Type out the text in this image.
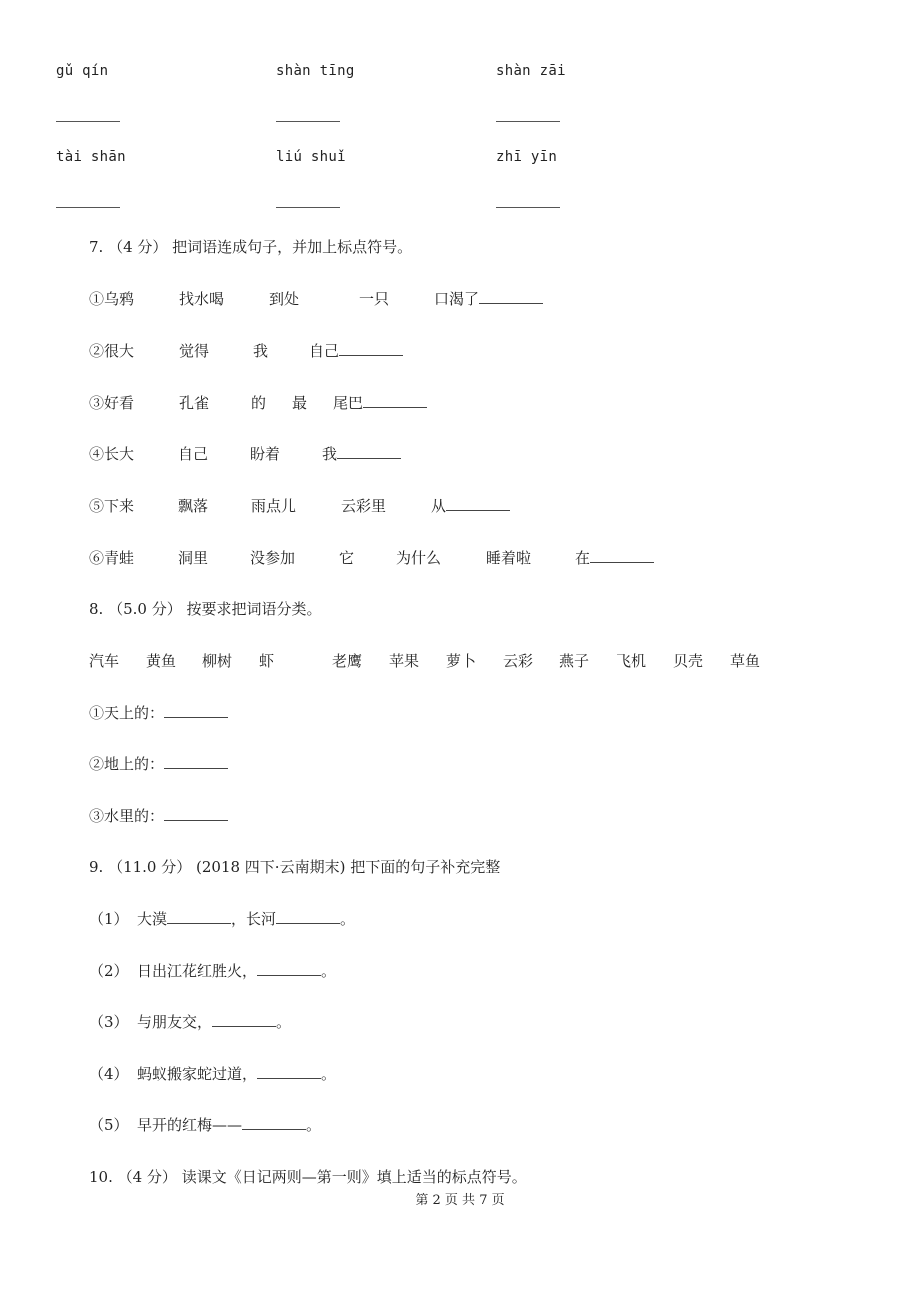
gǔ qín	shàn tīng	shàn zāi
tài shān	liú shuǐ	zhī yīn
7. （4 分） 把词语连成句子，并加上标点符号。
①乌鸦	找水喝	到处	一只	口渴了
②很大	觉得	我	自己
③好看	孔雀	的 最 尾巴
④长大	自己	盼着	我
⑤下来	飘落	雨点儿	云彩里	从
⑥青蛙	洞里	没参加	它	为什么	睡着啦	在
8. （5.0 分） 按要求把词语分类。
汽车 黄鱼 柳树 虾	老鹰 苹果 萝卜 云彩 燕子 飞机 贝壳 草鱼
①天上的：
②地上的：
③水里的：
9. （11.0 分） (2018 四下·云南期末) 把下面的句子补充完整
（1） 大漠	，长河	。
（2） 日出江花红胜火，	。
（3） 与朋友交，	。
（4） 蚂蚁搬家蛇过道，	。
（5） 早开的红梅——	。
10. （4 分） 读课文《日记两则—第一则》填上适当的标点符号。
第 2 页 共 7 页
